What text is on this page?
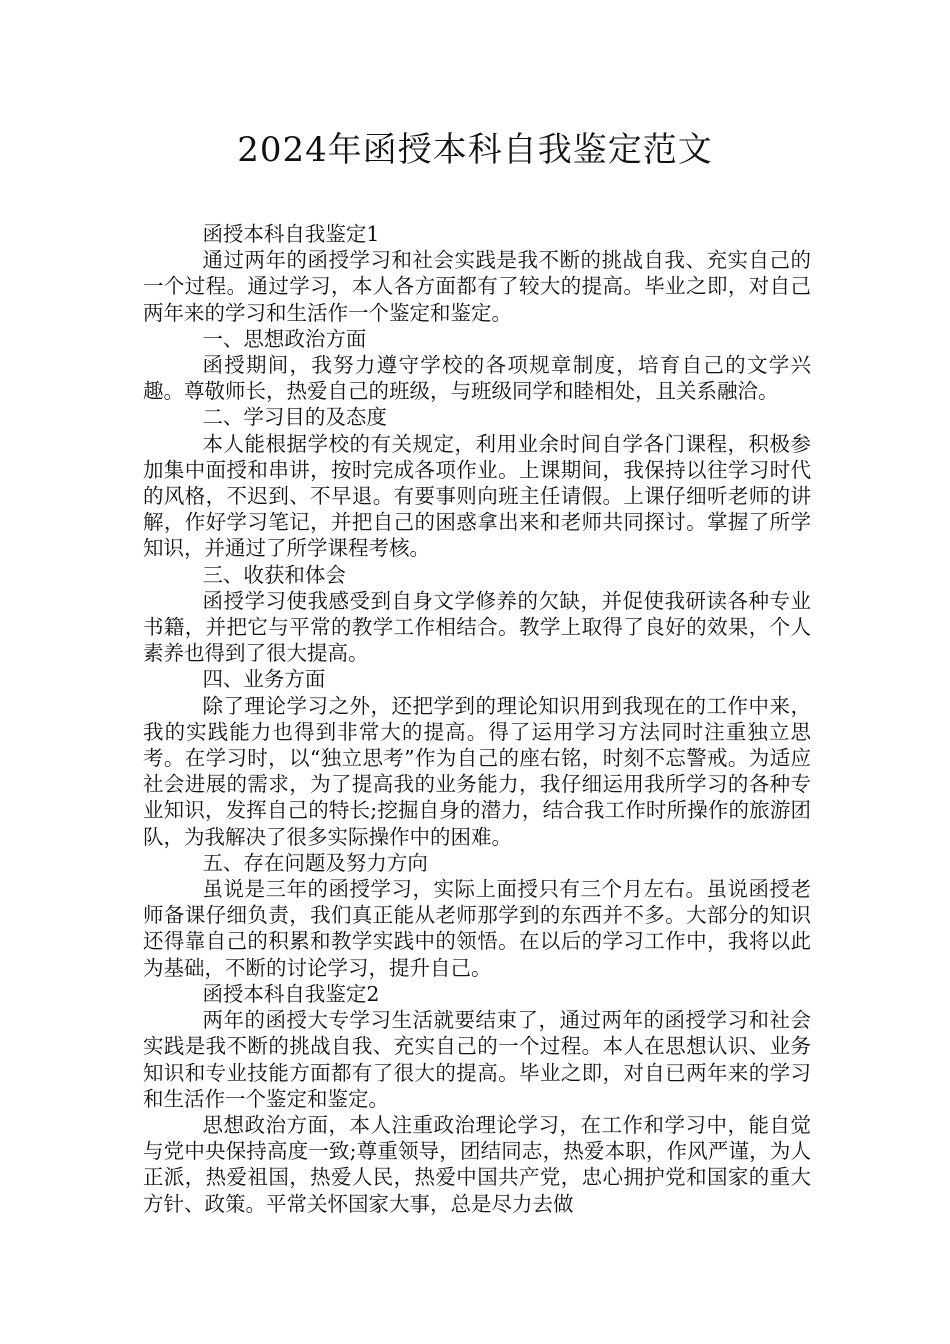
2024年函授本科自我鉴定范文

函授本科自我鉴定1

通过两年的函授学习和社会实践是我不断的挑战自我、充实自己的一个过程。通过学习，本人各方面都有了较大的提高。毕业之即，对自己两年来的学习和生活作一个鉴定和鉴定。

一、思想政治方面

函授期间，我努力遵守学校的各项规章制度，培育自己的文学兴趣。尊敬师长，热爱自己的班级，与班级同学和睦相处，且关系融洽。

二、学习目的及态度

本人能根据学校的有关规定，利用业余时间自学各门课程，积极参加集中面授和串讲，按时完成各项作业。上课期间，我保持以往学习时代的风格，不迟到、不早退。有要事则向班主任请假。上课仔细听老师的讲解，作好学习笔记，并把自己的困惑拿出来和老师共同探讨。掌握了所学知识，并通过了所学课程考核。

三、收获和体会

函授学习使我感受到自身文学修养的欠缺，并促使我研读各种专业书籍，并把它与平常的教学工作相结合。教学上取得了良好的效果，个人素养也得到了很大提高。

四、业务方面

除了理论学习之外，还把学到的理论知识用到我现在的工作中来，我的实践能力也得到非常大的提高。得了运用学习方法同时注重独立思考。在学习时，以“独立思考”作为自己的座右铭，时刻不忘警戒。为适应社会进展的需求，为了提高我的业务能力，我仔细运用我所学习的各种专业知识，发挥自己的特长;挖掘自身的潜力，结合我工作时所操作的旅游团队，为我解决了很多实际操作中的困难。

五、存在问题及努力方向

虽说是三年的函授学习，实际上面授只有三个月左右。虽说函授老师备课仔细负责，我们真正能从老师那学到的东西并不多。大部分的知识还得靠自己的积累和教学实践中的领悟。在以后的学习工作中，我将以此为基础，不断的讨论学习，提升自己。

函授本科自我鉴定2

两年的函授大专学习生活就要结束了，通过两年的函授学习和社会实践是我不断的挑战自我、充实自己的一个过程。本人在思想认识、业务知识和专业技能方面都有了很大的提高。毕业之即，对自已两年来的学习和生活作一个鉴定和鉴定。

思想政治方面，本人注重政治理论学习，在工作和学习中，能自觉与党中央保持高度一致;尊重领导，团结同志，热爱本职，作风严谨，为人正派，热爱祖国，热爱人民，热爱中国共产党，忠心拥护党和国家的重大方针、政策。平常关怀国家大事，总是尽力去做
